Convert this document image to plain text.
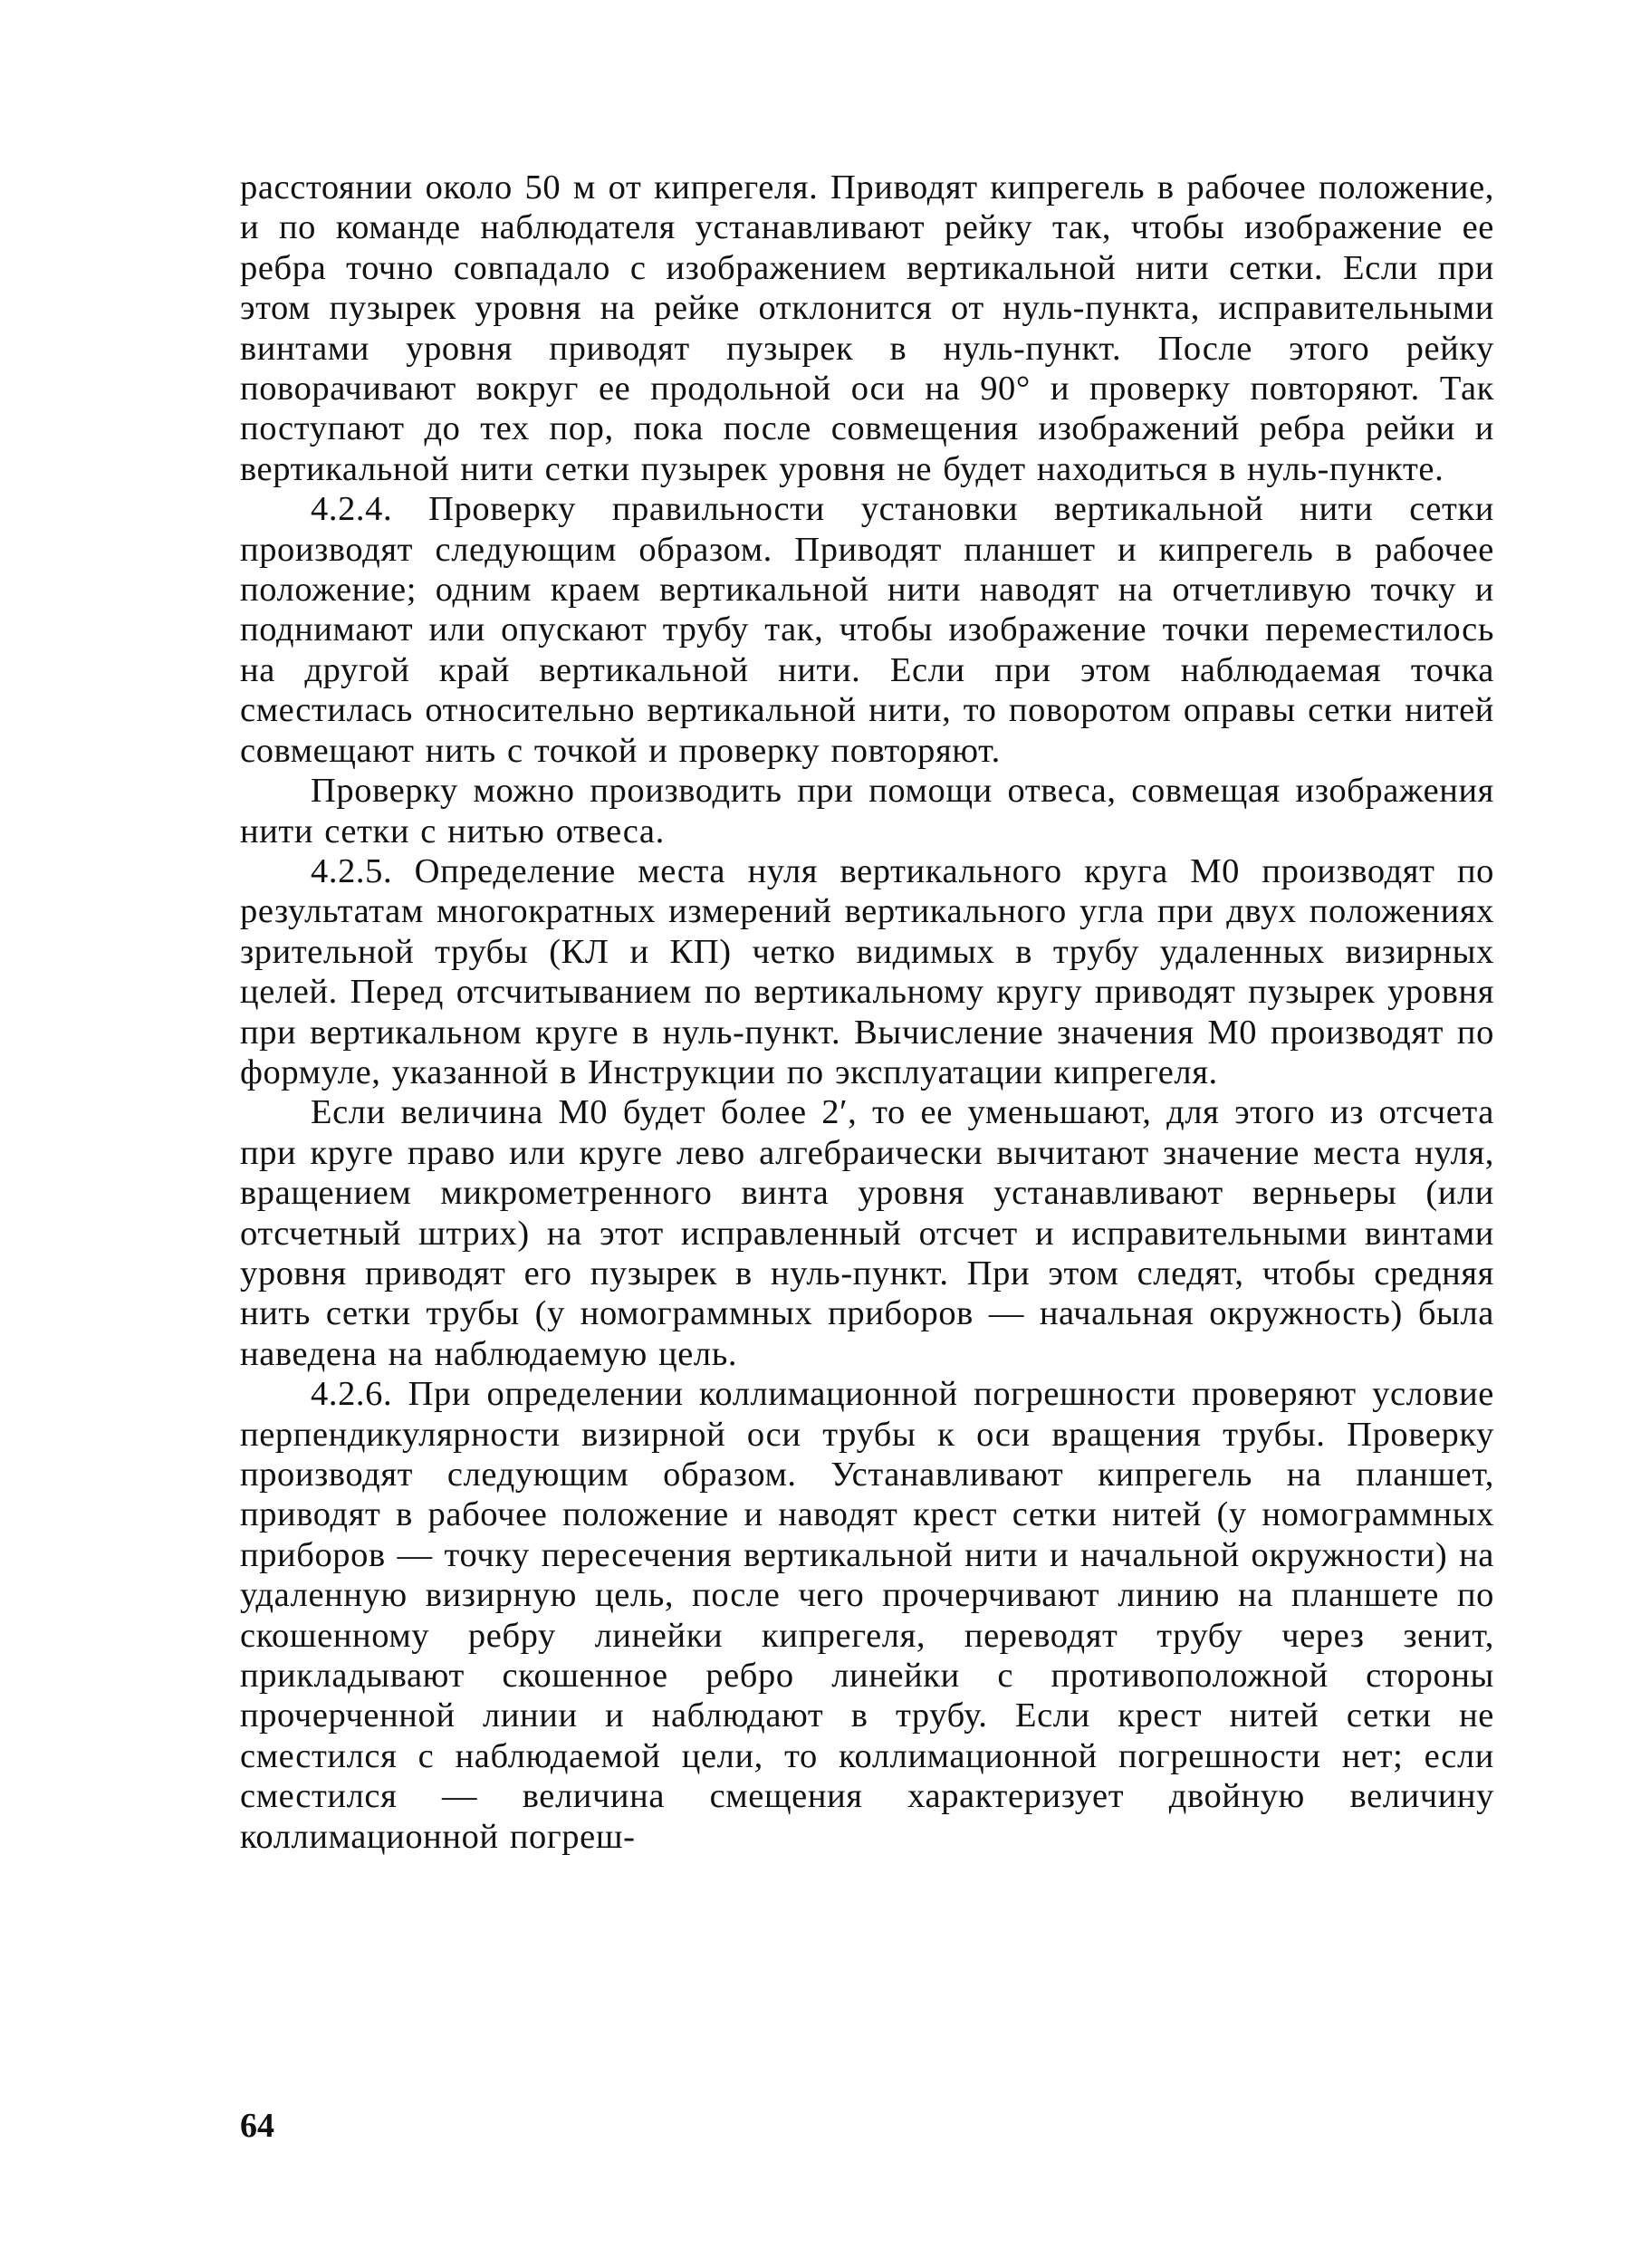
расстоянии около 50 м от кипрегеля. Приводят кипрегель в рабочее положение, и по команде наблюдателя устанавливают рейку так, чтобы изображение ее ребра точно совпадало с изображением вертикальной нити сетки. Если при этом пузырек уровня на рейке отклонится от нуль-пункта, исправительными винтами уровня приводят пузырек в нуль-пункт. После этого рейку поворачивают вокруг ее продольной оси на 90° и проверку повторяют. Так поступают до тех пор, пока после совмещения изображений ребра рейки и вертикальной нити сетки пузырек уровня не будет находиться в нуль-пункте.

4.2.4. Проверку правильности установки вертикальной нити сетки производят следующим образом. Приводят планшет и кипрегель в рабочее положение; одним краем вертикальной нити наводят на отчетливую точку и поднимают или опускают трубу так, чтобы изображение точки переместилось на другой край вертикальной нити. Если при этом наблюдаемая точка сместилась относительно вертикальной нити, то поворотом оправы сетки нитей совмещают нить с точкой и проверку повторяют.

Проверку можно производить при помощи отвеса, совмещая изображения нити сетки с нитью отвеса.

4.2.5. Определение места нуля вертикального круга М0 производят по результатам многократных измерений вертикального угла при двух положениях зрительной трубы (КЛ и КП) четко видимых в трубу удаленных визирных целей. Перед отсчитыванием по вертикальному кругу приводят пузырек уровня при вертикальном круге в нуль-пункт. Вычисление значения М0 производят по формуле, указанной в Инструкции по эксплуатации кипрегеля.

Если величина М0 будет более 2′, то ее уменьшают, для этого из отсчета при круге право или круге лево алгебраически вычитают значение места нуля, вращением микрометренного винта уровня устанавливают верньеры (или отсчетный штрих) на этот исправленный отсчет и исправительными винтами уровня приводят его пузырек в нуль-пункт. При этом следят, чтобы средняя нить сетки трубы (у номограммных приборов — начальная окружность) была наведена на наблюдаемую цель.

4.2.6. При определении коллимационной погрешности проверяют условие перпендикулярности визирной оси трубы к оси вращения трубы. Проверку производят следующим образом. Устанавливают кипрегель на планшет, приводят в рабочее положение и наводят крест сетки нитей (у номограммных приборов — точку пересечения вертикальной нити и начальной окружности) на удаленную визирную цель, после чего прочерчивают линию на планшете по скошенному ребру линейки кипрегеля, переводят трубу через зенит, прикладывают скошенное ребро линейки с противоположной стороны прочерченной линии и наблюдают в трубу. Если крест нитей сетки не сместился с наблюдаемой цели, то коллимационной погрешности нет; если сместился — величина смещения характеризует двойную величину коллимационной погреш-

64
